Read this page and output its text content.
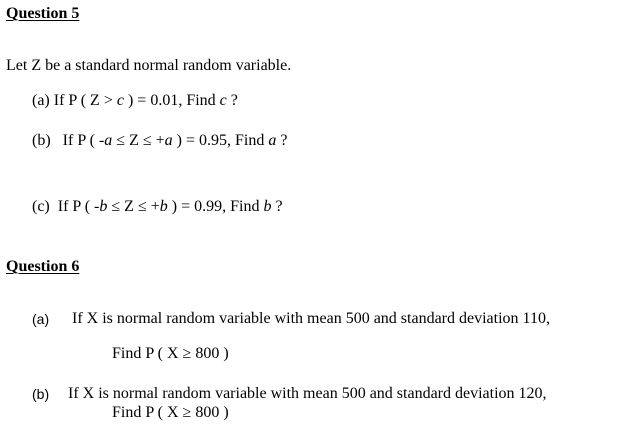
Question 5
Let Z be a standard normal random variable.
(a) If P ( Z > c ) = 0.01, Find c ?
(b) If P ( -a ≤ Z ≤ +a ) = 0.95, Find a ?
(c) If P ( -b ≤ Z ≤ +b ) = 0.99, Find b ?
Question 6
(a) If X is normal random variable with mean 500 and standard deviation 110,
Find P ( X ≥ 800 )
(b) If X is normal random variable with mean 500 and standard deviation 120,
Find P ( X ≥ 800 )
